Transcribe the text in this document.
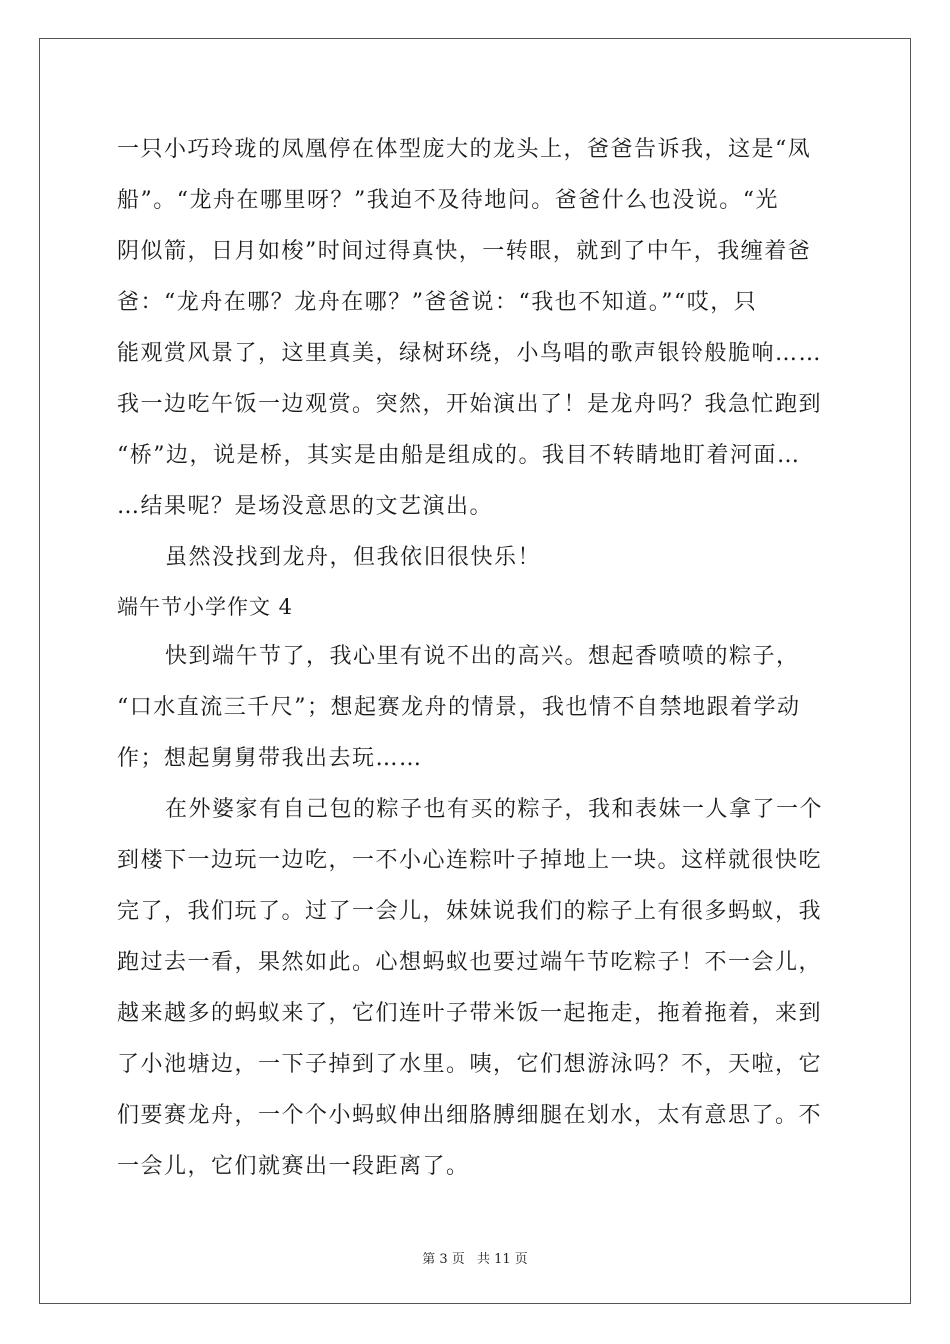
一只小巧玲珑的凤凰停在体型庞大的龙头上，爸爸告诉我，这是“凤
船”。“龙舟在哪里呀？”我迫不及待地问。爸爸什么也没说。“光
阴似箭，日月如梭”时间过得真快，一转眼，就到了中午，我缠着爸
爸：“龙舟在哪？龙舟在哪？”爸爸说：“我也不知道。”“哎，只
能观赏风景了，这里真美，绿树环绕，小鸟唱的歌声银铃般脆响……
我一边吃午饭一边观赏。突然，开始演出了！是龙舟吗？我急忙跑到
“桥”边，说是桥，其实是由船是组成的。我目不转睛地盯着河面…
…结果呢？是场没意思的文艺演出。
虽然没找到龙舟，但我依旧很快乐！
端午节小学作文 4
快到端午节了，我心里有说不出的高兴。想起香喷喷的粽子，
“口水直流三千尺”；想起赛龙舟的情景，我也情不自禁地跟着学动
作；想起舅舅带我出去玩……
在外婆家有自己包的粽子也有买的粽子，我和表妹一人拿了一个
到楼下一边玩一边吃，一不小心连粽叶子掉地上一块。这样就很快吃
完了，我们玩了。过了一会儿，妹妹说我们的粽子上有很多蚂蚁，我
跑过去一看，果然如此。心想蚂蚁也要过端午节吃粽子！不一会儿，
越来越多的蚂蚁来了，它们连叶子带米饭一起拖走，拖着拖着，来到
了小池塘边，一下子掉到了水里。咦，它们想游泳吗？不，天啦，它
们要赛龙舟，一个个小蚂蚁伸出细胳膊细腿在划水，太有意思了。不
一会儿，它们就赛出一段距离了。
第 3 页 共 11 页
